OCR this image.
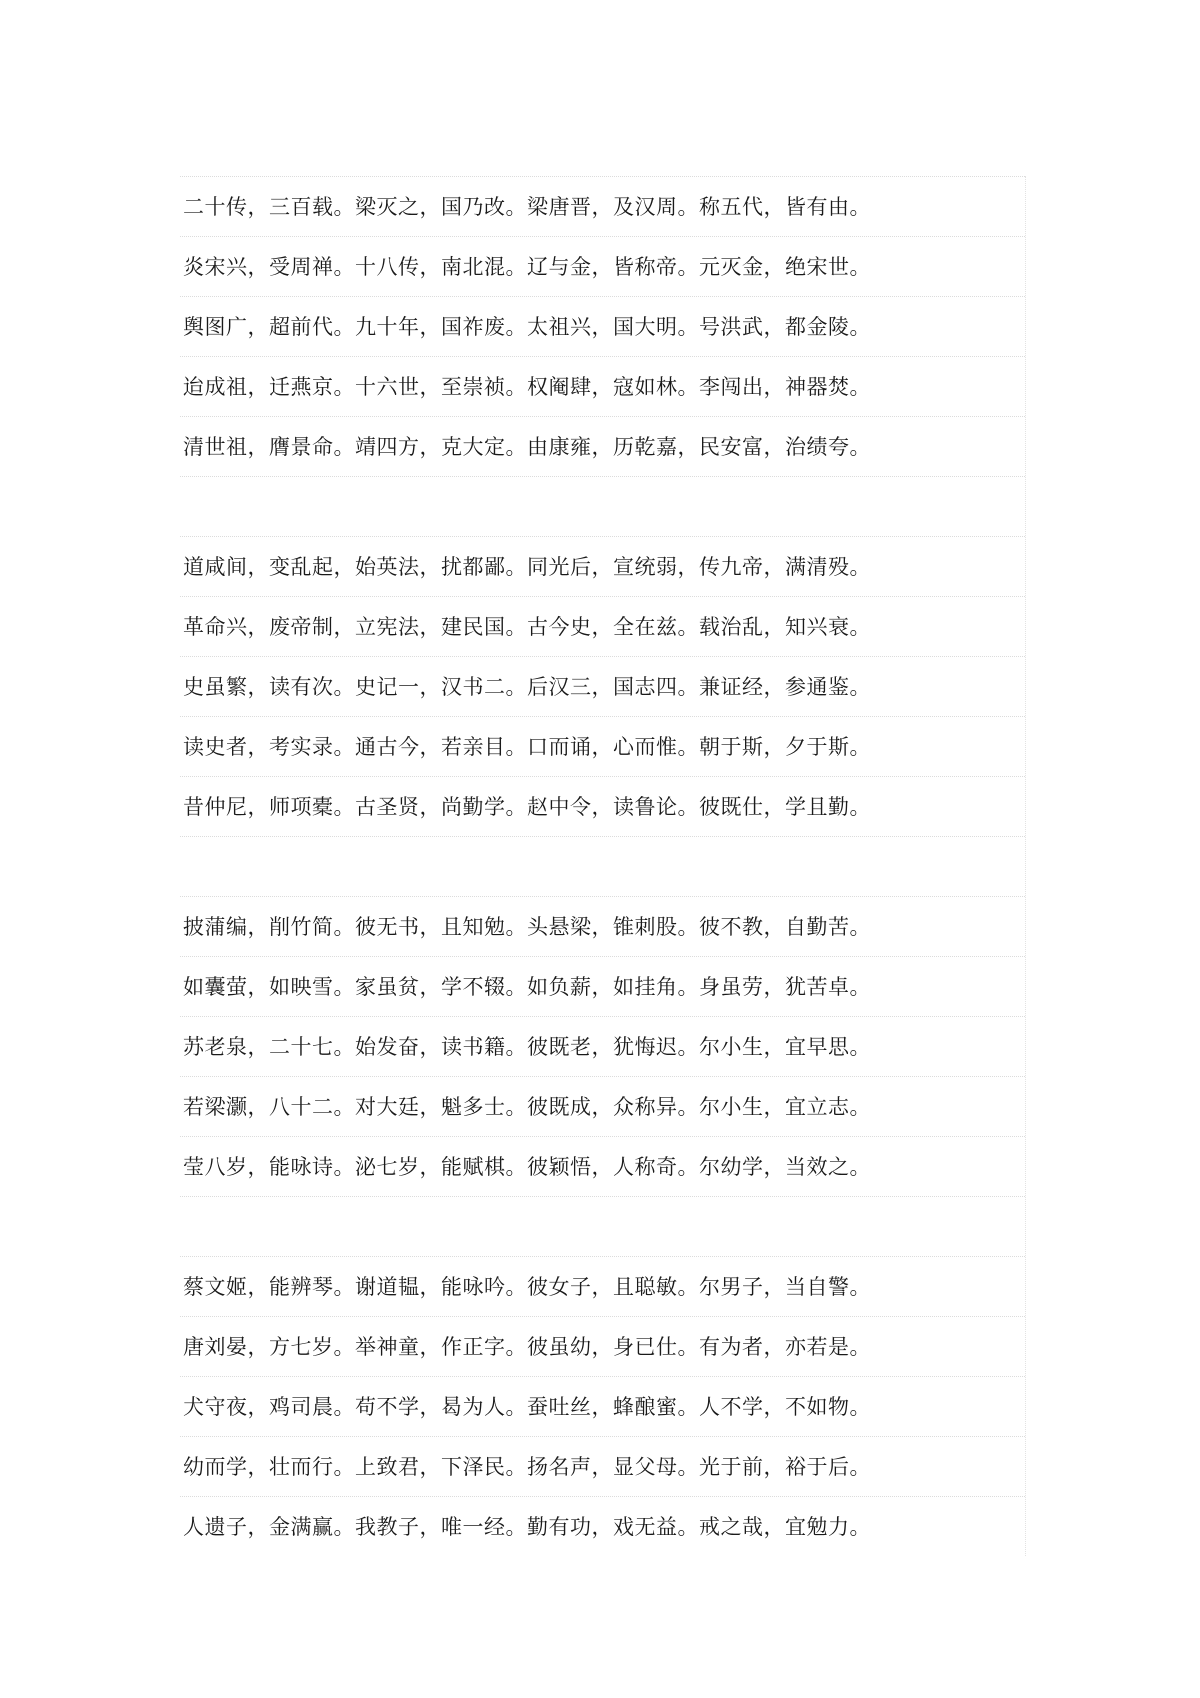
二十传，三百载。梁灭之，国乃改。梁唐晋，及汉周。称五代，皆有由。
炎宋兴，受周禅。十八传，南北混。辽与金，皆称帝。元灭金，绝宋世。
舆图广，超前代。九十年，国祚废。太祖兴，国大明。号洪武，都金陵。
迨成祖，迁燕京。十六世，至崇祯。权阉肆，寇如林。李闯出，神器焚。
清世祖，膺景命。靖四方，克大定。由康雍，历乾嘉，民安富，治绩夸。
道咸间，变乱起，始英法，扰都鄙。同光后，宣统弱，传九帝，满清殁。
革命兴，废帝制，立宪法，建民国。古今史，全在兹。载治乱，知兴衰。
史虽繁，读有次。史记一，汉书二。后汉三，国志四。兼证经，参通鉴。
读史者，考实录。通古今，若亲目。口而诵，心而惟。朝于斯，夕于斯。
昔仲尼，师项橐。古圣贤，尚勤学。赵中令，读鲁论。彼既仕，学且勤。
披蒲编，削竹简。彼无书，且知勉。头悬梁，锥刺股。彼不教，自勤苦。
如囊萤，如映雪。家虽贫，学不辍。如负薪，如挂角。身虽劳，犹苦卓。
苏老泉，二十七。始发奋，读书籍。彼既老，犹悔迟。尔小生，宜早思。
若梁灏，八十二。对大廷，魁多士。彼既成，众称异。尔小生，宜立志。
莹八岁，能咏诗。泌七岁，能赋棋。彼颖悟，人称奇。尔幼学，当效之。
蔡文姬，能辨琴。谢道韫，能咏吟。彼女子，且聪敏。尔男子，当自警。
唐刘晏，方七岁。举神童，作正字。彼虽幼，身已仕。有为者，亦若是。
犬守夜，鸡司晨。苟不学，曷为人。蚕吐丝，蜂酿蜜。人不学，不如物。
幼而学，壮而行。上致君，下泽民。扬名声，显父母。光于前，裕于后。
人遗子，金满赢。我教子，唯一经。勤有功，戏无益。戒之哉，宜勉力。
